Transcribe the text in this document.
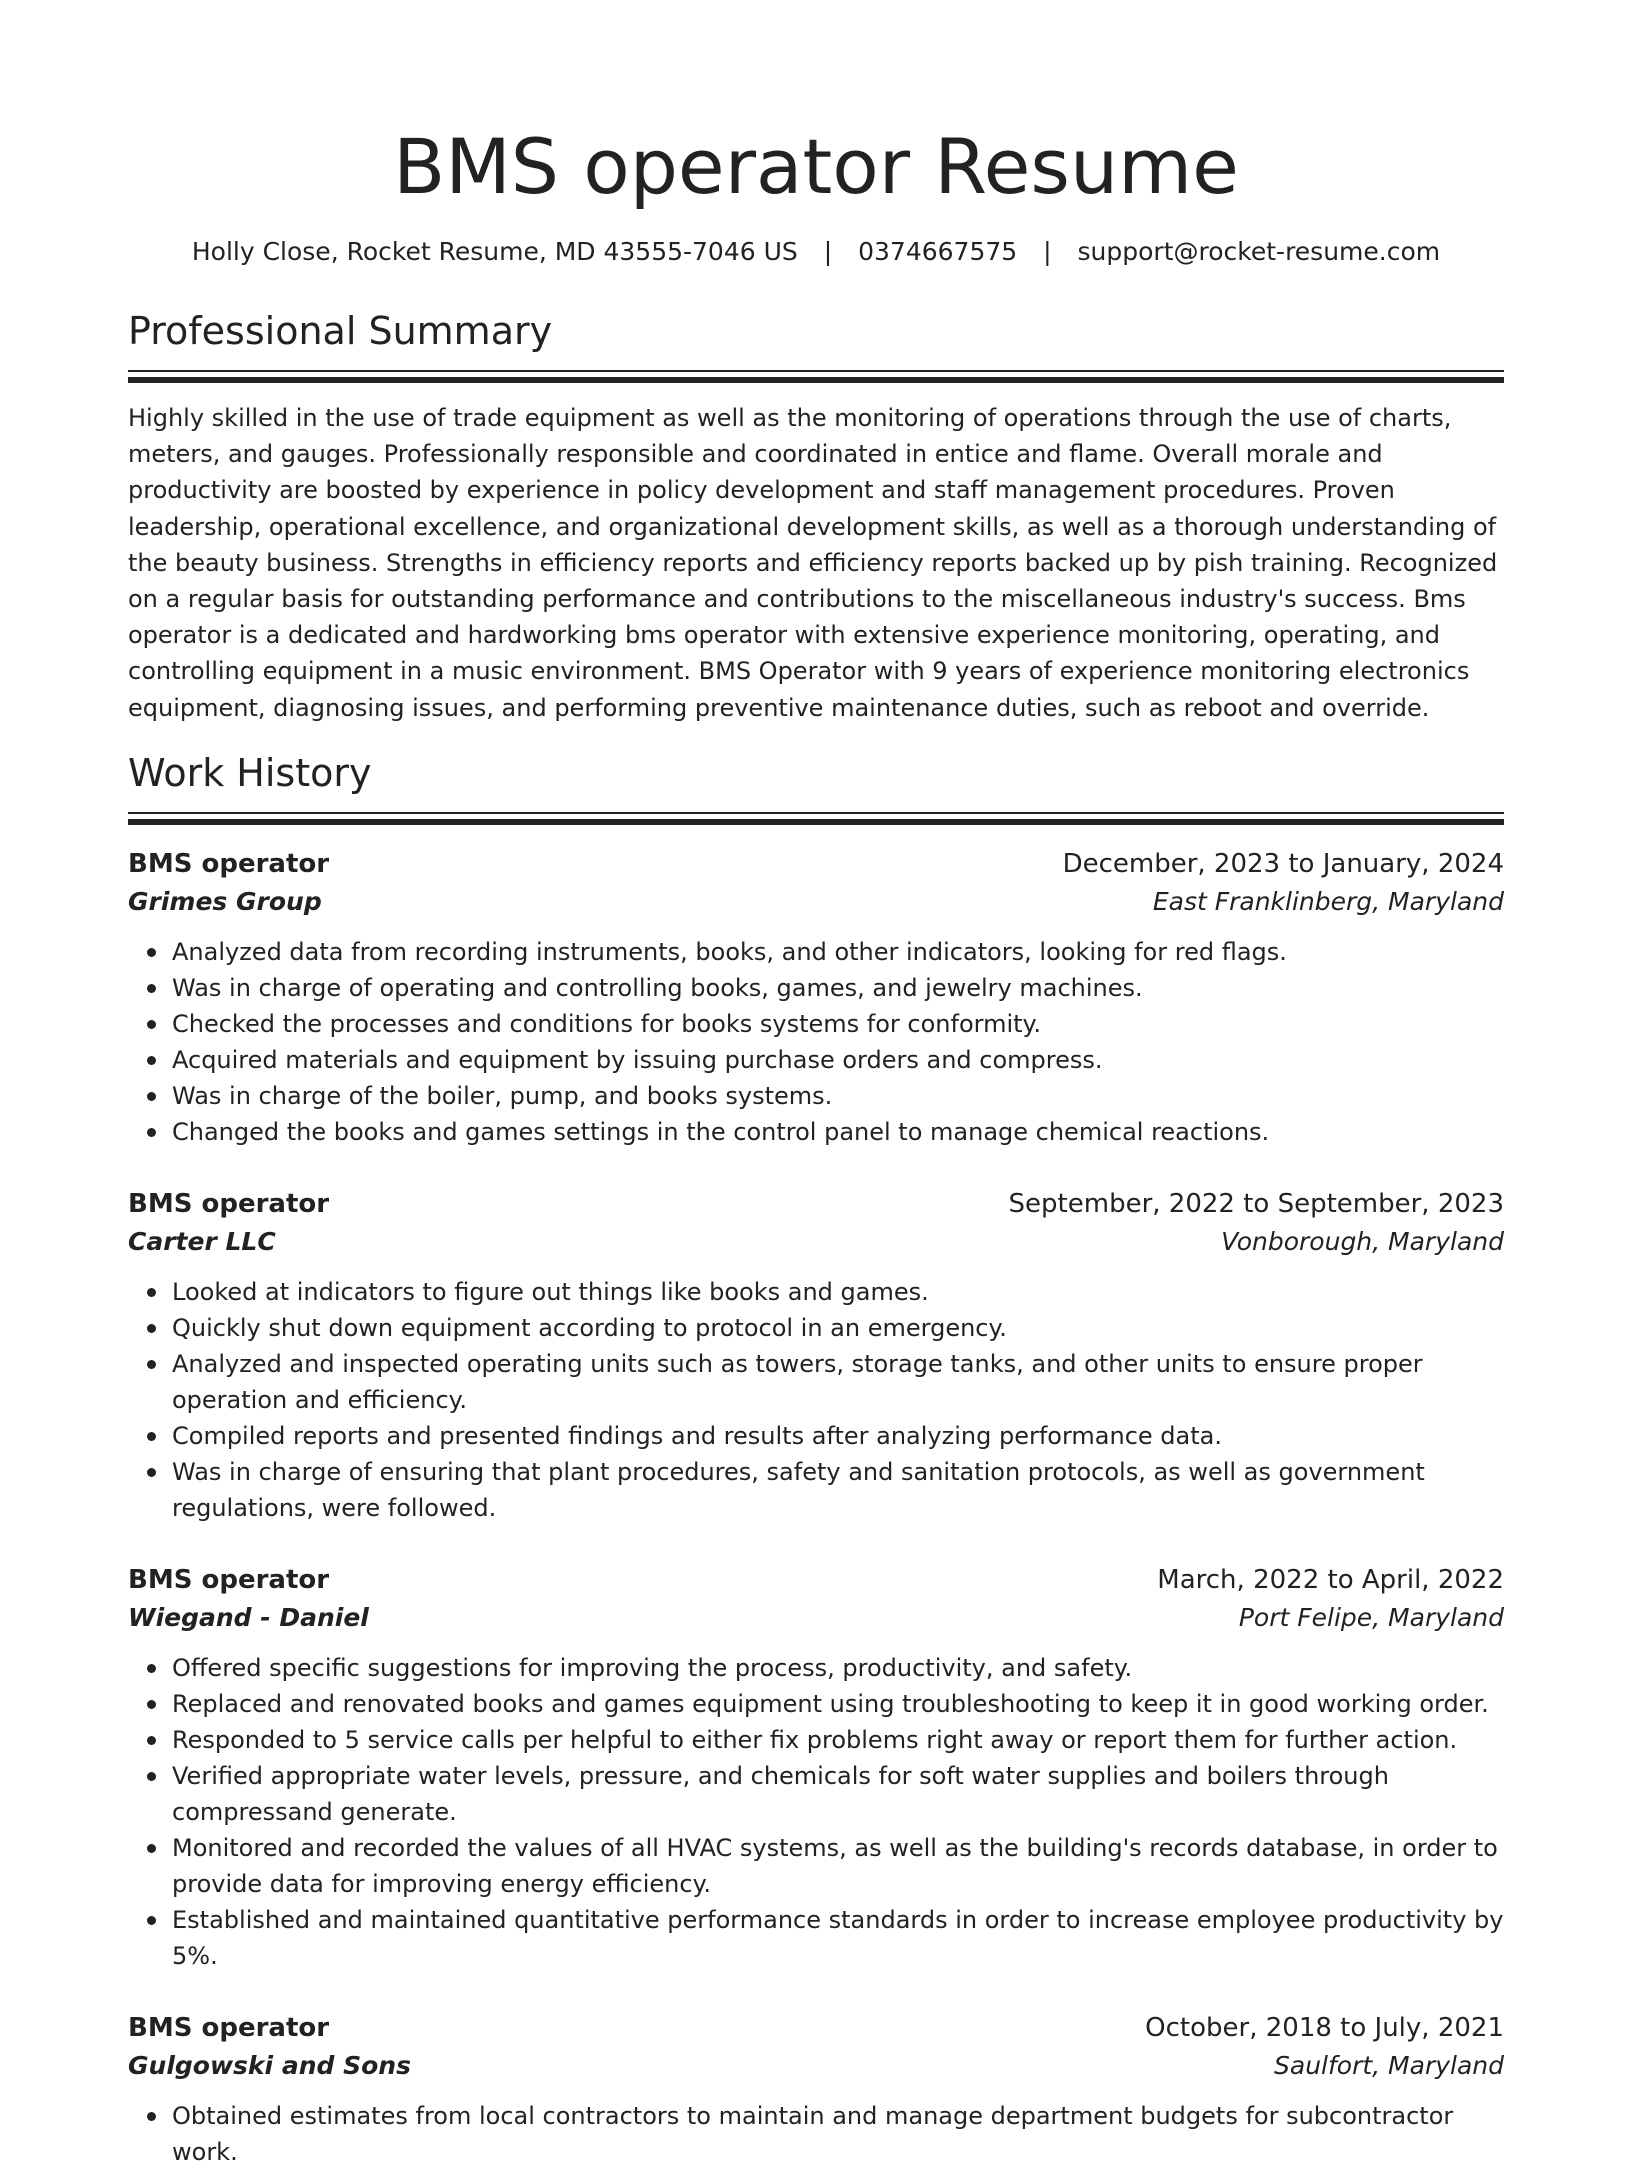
BMS operator Resume
Holly Close, Rocket Resume, MD 43555-7046 US | 0374667575 | support@rocket-resume.com
Professional Summary

Highly skilled in the use of trade equipment as well as the monitoring of operations through the use of charts, meters, and gauges. Professionally responsible and coordinated in entice and flame. Overall morale and productivity are boosted by experience in policy development and staff management procedures. Proven leadership, operational excellence, and organizational development skills, as well as a thorough understanding of the beauty business. Strengths in efficiency reports and efficiency reports backed up by pish training. Recognized on a regular basis for outstanding performance and contributions to the miscellaneous industry's success. Bms operator is a dedicated and hardworking bms operator with extensive experience monitoring, operating, and controlling equipment in a music environment. BMS Operator with 9 years of experience monitoring electronics equipment, diagnosing issues, and performing preventive maintenance duties, such as reboot and override.

Work History
BMS operator	December, 2023 to January, 2024
Grimes Group	East Franklinberg, Maryland
Analyzed data from recording instruments, books, and other indicators, looking for red flags.
Was in charge of operating and controlling books, games, and jewelry machines.
Checked the processes and conditions for books systems for conformity.
Acquired materials and equipment by issuing purchase orders and compress.
Was in charge of the boiler, pump, and books systems.
Changed the books and games settings in the control panel to manage chemical reactions.
BMS operator	September, 2022 to September, 2023
Carter LLC	Vonborough, Maryland
Looked at indicators to figure out things like books and games.
Quickly shut down equipment according to protocol in an emergency.
Analyzed and inspected operating units such as towers, storage tanks, and other units to ensure proper operation and efficiency.
Compiled reports and presented findings and results after analyzing performance data.
Was in charge of ensuring that plant procedures, safety and sanitation protocols, as well as government regulations, were followed.
BMS operator	March, 2022 to April, 2022
Wiegand - Daniel	Port Felipe, Maryland
Offered specific suggestions for improving the process, productivity, and safety.
Replaced and renovated books and games equipment using troubleshooting to keep it in good working order.
Responded to 5 service calls per helpful to either fix problems right away or report them for further action.
Verified appropriate water levels, pressure, and chemicals for soft water supplies and boilers through compressand generate.
Monitored and recorded the values of all HVAC systems, as well as the building's records database, in order to provide data for improving energy efficiency.
Established and maintained quantitative performance standards in order to increase employee productivity by 5%.
BMS operator	October, 2018 to July, 2021
Gulgowski and Sons	Saulfort, Maryland
Obtained estimates from local contractors to maintain and manage department budgets for subcontractor work.
